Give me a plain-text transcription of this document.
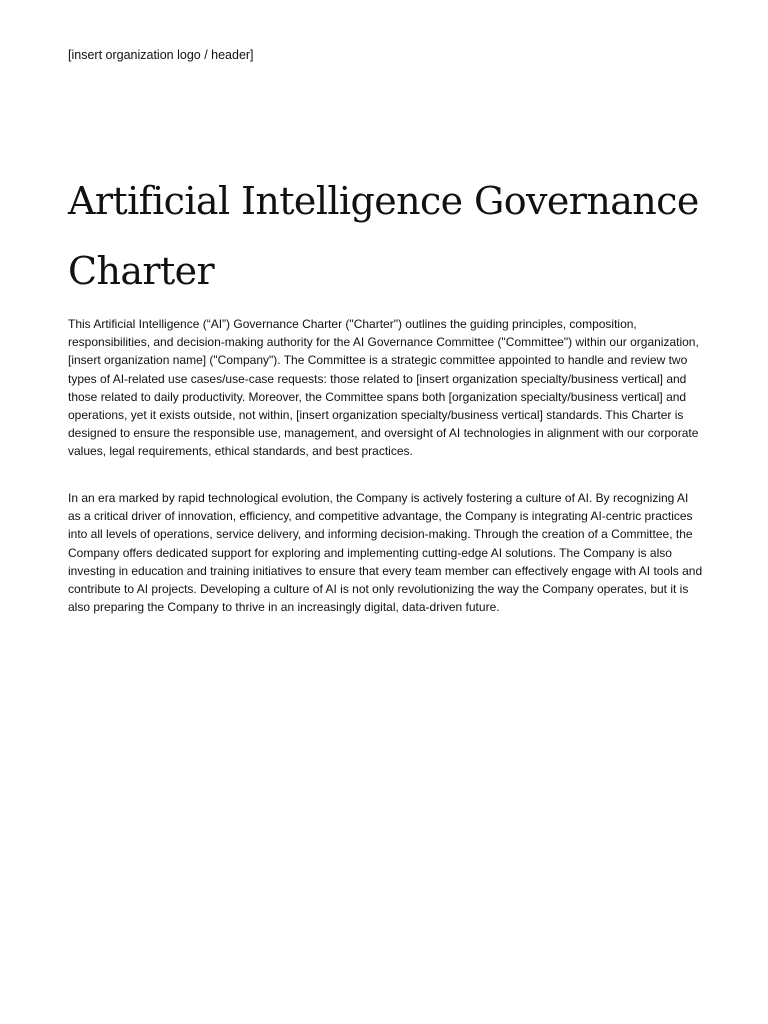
[insert organization logo / header]
Artificial Intelligence Governance Charter

This Artificial Intelligence (“AI”) Governance Charter ("Charter") outlines the guiding principles, composition, responsibilities, and decision-making authority for the AI Governance Committee ("Committee") within our organization, [insert organization name] ("Company"). The Committee is a strategic committee appointed to handle and review two types of AI-related use cases/use-case requests: those related to [insert organization specialty/business vertical] and those related to daily productivity. Moreover, the Committee spans both [organization specialty/business vertical] and operations, yet it exists outside, not within, [insert organization specialty/business vertical] standards. This Charter is designed to ensure the responsible use, management, and oversight of AI technologies in alignment with our corporate values, legal requirements, ethical standards, and best practices.

In an era marked by rapid technological evolution, the Company is actively fostering a culture of AI. By recognizing AI as a critical driver of innovation, efficiency, and competitive advantage, the Company is integrating AI-centric practices into all levels of operations, service delivery, and informing decision-making. Through the creation of a Committee, the Company offers dedicated support for exploring and implementing cutting-edge AI solutions. The Company is also investing in education and training initiatives to ensure that every team member can effectively engage with AI tools and contribute to AI projects. Developing a culture of AI is not only revolutionizing the way the Company operates, but it is also preparing the Company to thrive in an increasingly digital, data-driven future.
